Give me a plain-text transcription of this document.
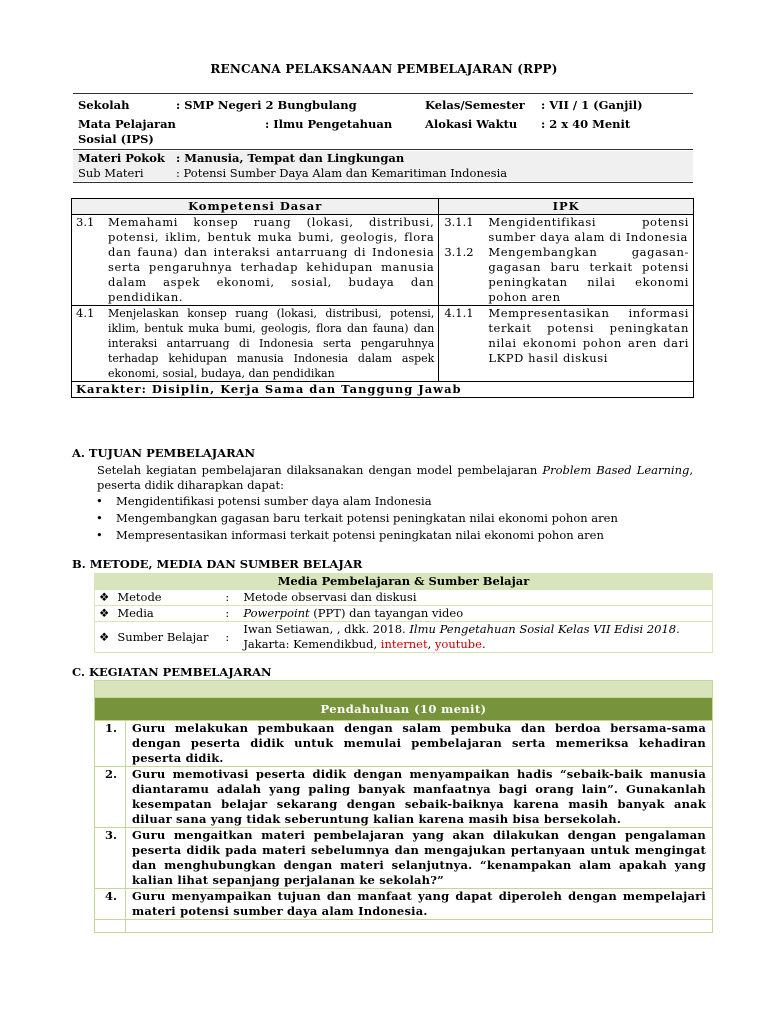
RENCANA PELAKSANAAN PEMBELAJARAN (RPP)
Sekolah	: SMP Negeri 2 Bungbulang	Kelas/Semester : VII / 1 (Ganjil)
Mata Pelajaran	: Ilmu Pengetahuan	Alokasi Waktu : 2 x 40 Menit
Sosial (IPS)
Materi Pokok : Manusia, Tempat dan Lingkungan
Sub Materi	: Potensi Sumber Daya Alam dan Kemaritiman Indonesia
Kompetensi Dasar	IPK
3.1	Memahami konsep ruang (lokasi, distribusi, potensi, iklim, bentuk muka bumi, geologis, flora dan fauna) dan interaksi antarruang di Indonesia serta pengaruhnya terhadap kehidupan manusia dalam aspek ekonomi, sosial, budaya dan pendidikan.	
3.1.1	Mengidentifikasi potensi sumber daya alam di Indonesia
3.1.2	Mengembangkan gagasan-gagasan baru terkait potensi peningkatan nilai ekonomi pohon aren

4.1	Menjelaskan konsep ruang (lokasi, distribusi, potensi, iklim, bentuk muka bumi, geologis, flora dan fauna) dan interaksi antarruang di Indonesia serta pengaruhnya terhadap kehidupan manusia Indonesia dalam aspek ekonomi, sosial, budaya, dan pendidikan	
4.1.1	Mempresentasikan informasi terkait potensi peningkatan nilai ekonomi pohon aren dari LKPD hasil diskusi

Karakter: Disiplin, Kerja Sama dan Tanggung Jawab
A. TUJUAN PEMBELAJARAN
Setelah kegiatan pembelajaran dilaksanakan dengan model pembelajaran Problem Based Learning, peserta didik diharapkan dapat:
• Mengidentifikasi potensi sumber daya alam Indonesia
• Mengembangkan gagasan baru terkait potensi peningkatan nilai ekonomi pohon aren
• Mempresentasikan informasi terkait potensi peningkatan nilai ekonomi pohon aren
B. METODE, MEDIA DAN SUMBER BELAJAR
Media Pembelajaran & Sumber Belajar			
❖	Metode	:	Metode observasi dan diskusi
❖	Media	:	Powerpoint (PPT) dan tayangan video
❖	Sumber Belajar	:	Iwan Setiawan, , dkk. 2018. Ilmu Pengetahuan Sosial Kelas VII Edisi 2018. Jakarta: Kemendikbud, internet, youtube.
C. KEGIATAN PEMBELAJARAN

Pendahuluan (10 menit)	
1.	Guru melakukan pembukaan dengan salam pembuka dan berdoa bersama-sama dengan peserta didik untuk memulai pembelajaran serta memeriksa kehadiran peserta didik.
2.	Guru memotivasi peserta didik dengan menyampaikan hadis “sebaik-baik manusia diantaramu adalah yang paling banyak manfaatnya bagi orang lain”. Gunakanlah kesempatan belajar sekarang dengan sebaik-baiknya karena masih banyak anak diluar sana yang tidak seberuntung kalian karena masih bisa bersekolah.
3.	Guru mengaitkan materi pembelajaran yang akan dilakukan dengan pengalaman peserta didik pada materi sebelumnya dan mengajukan pertanyaan untuk mengingat dan menghubungkan dengan materi selanjutnya. “kenampakan alam apakah yang kalian lihat sepanjang perjalanan ke sekolah?”
4.	Guru menyampaikan tujuan dan manfaat yang dapat diperoleh dengan mempelajari materi potensi sumber daya alam Indonesia.
